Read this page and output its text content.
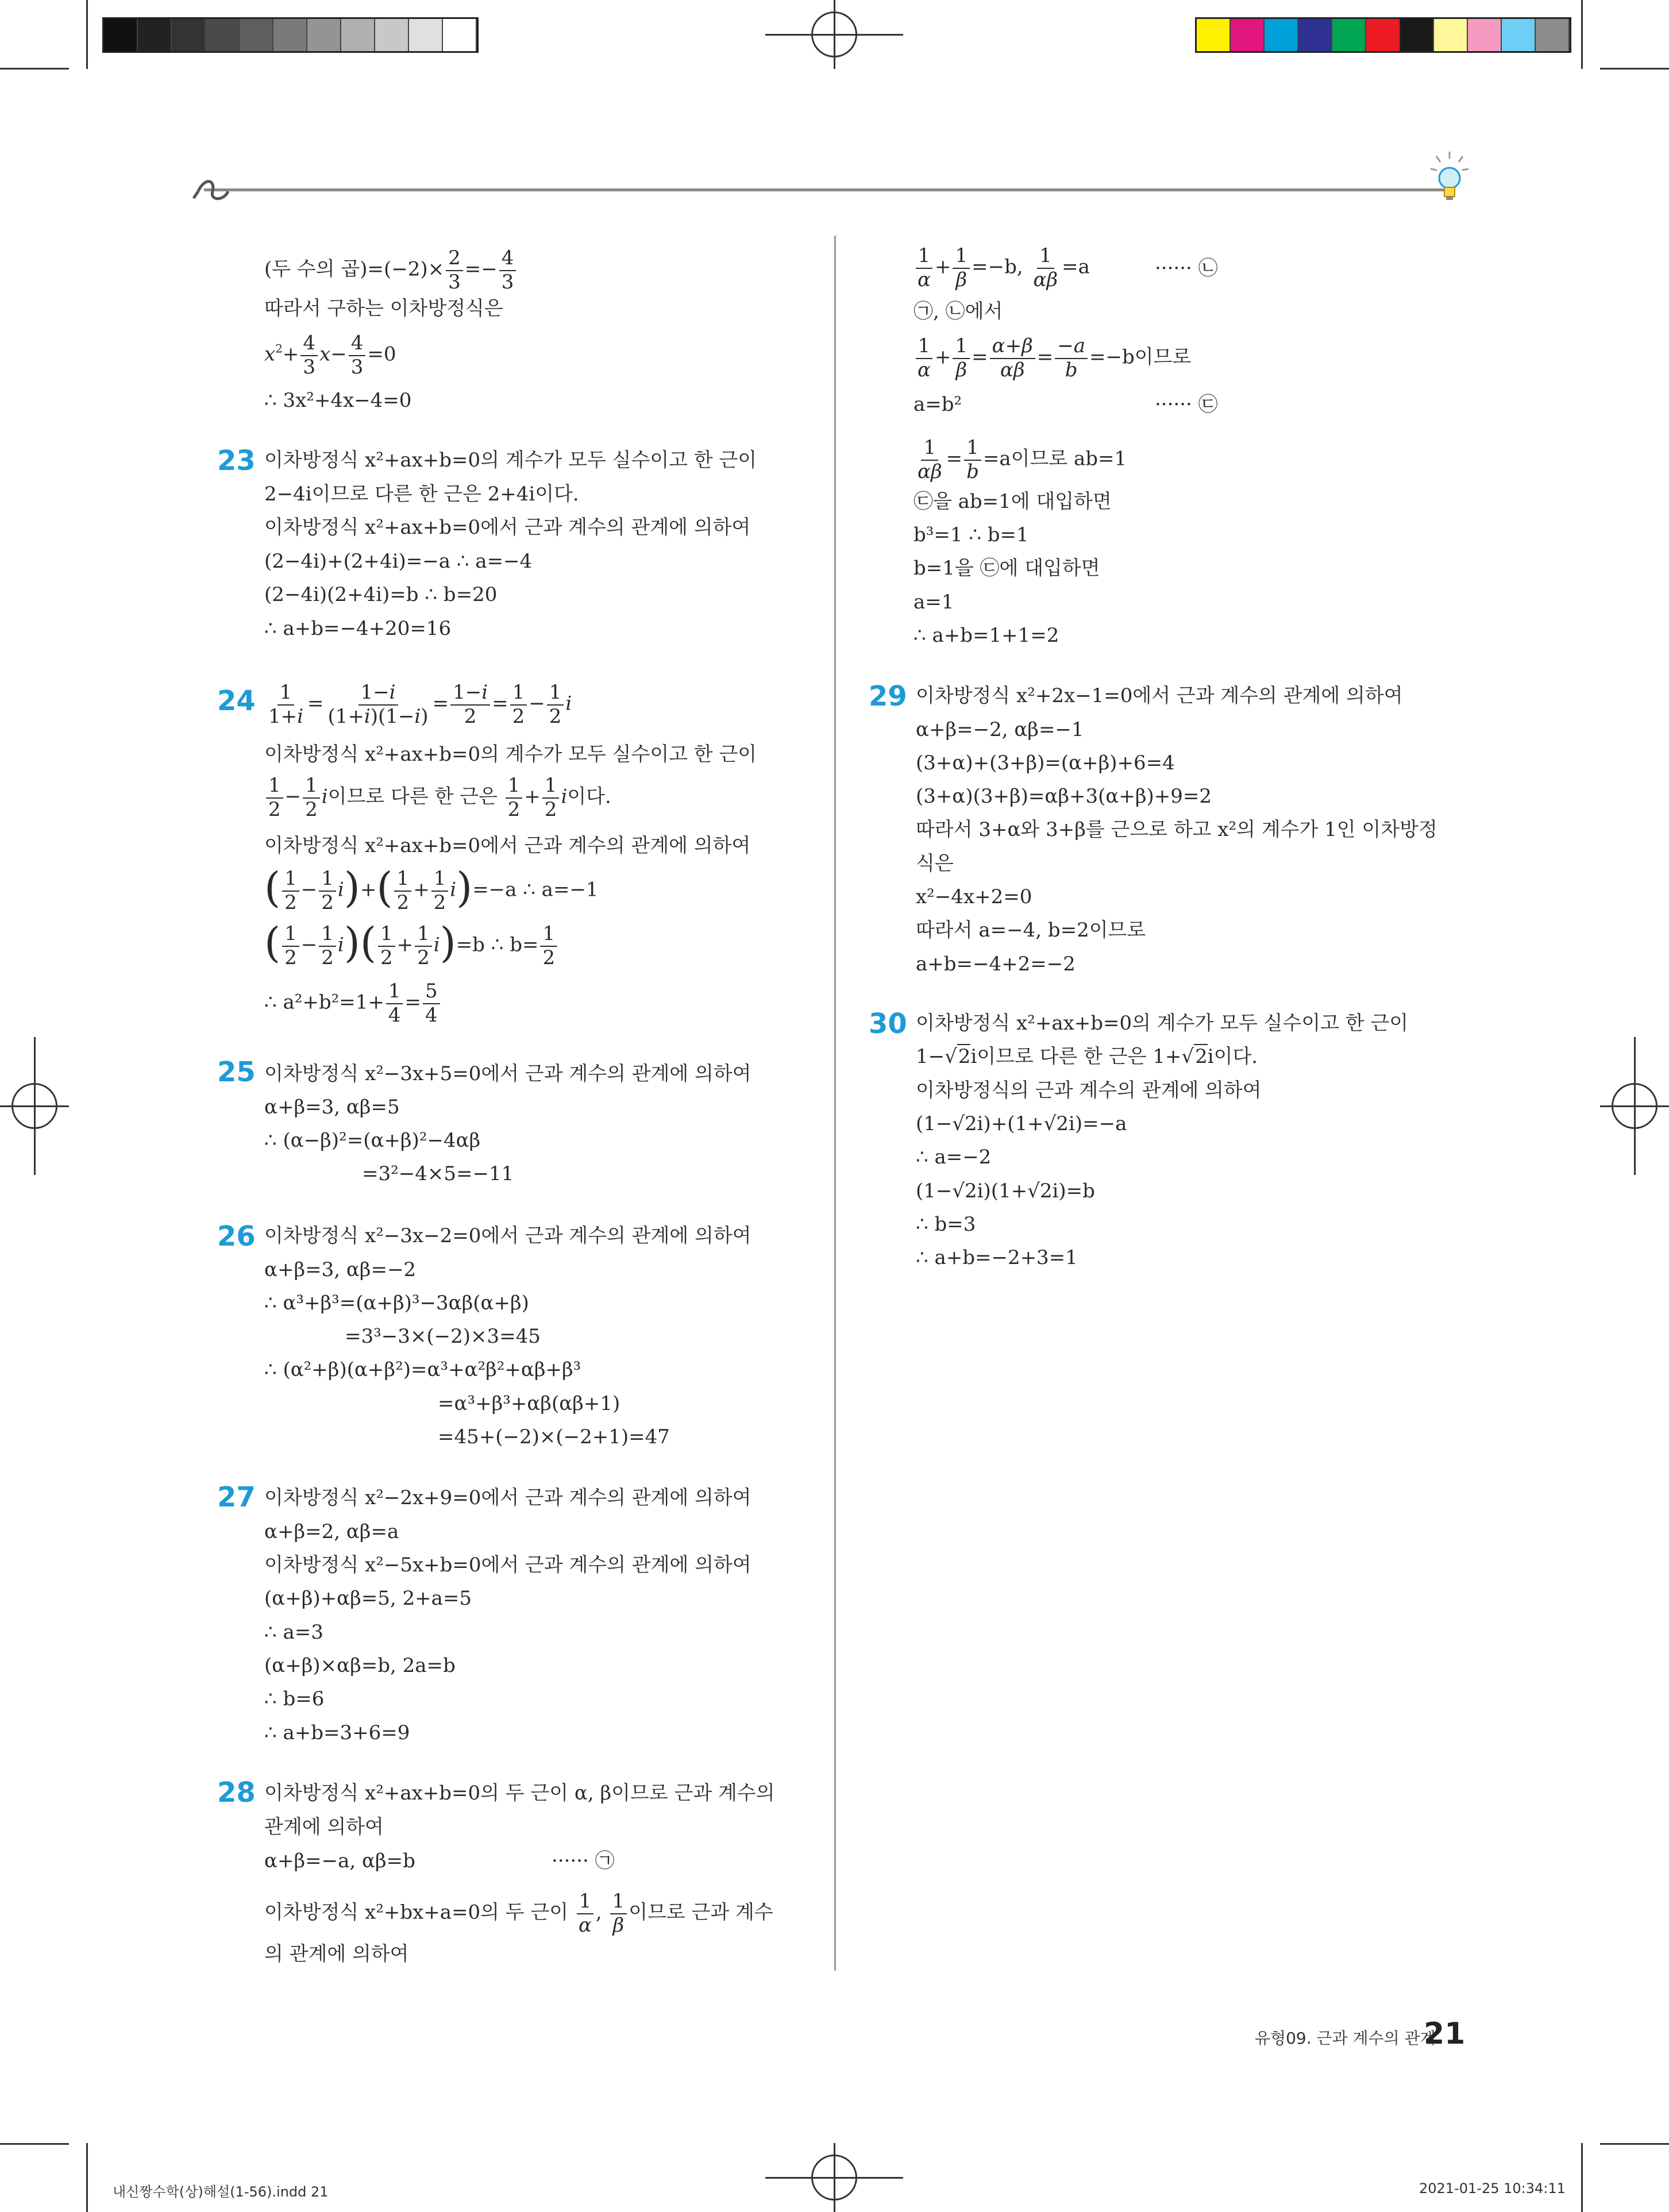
(두 수의 곱)$=(-2)\times \frac{2}{3} =- \frac{4}{3}$
따라서 구하는 이차방정식은
$x^2+ \frac{4}{3} x- \frac{4}{3} =0$
∴ 3x²+4x−4=0
23 이차방정식 x²+ax+b=0의 계수가 모두 실수이고 한 근이
2−4i이므로 다른 한 근은 2+4i이다.
이차방정식 x²+ax+b=0에서 근과 계수의 관계에 의하여
(2−4i)+(2+4i)=−a ∴ a=−4
(2−4i)(2+4i)=b ∴ b=20
∴ a+b=−4+20=16
$24 \frac{1}{1+i} = \frac{1-i}{(1+i)(1-i)} = \frac{1-i}{2} = \frac{1}{2} - \frac{1}{2}$ i
이차방정식 x²+ax+b=0의 계수가 모두 실수이고 한 근이
$\frac{1}{2} - \frac{1}{2}$ i이므로 다른 한 근은 $\frac{1}{2} + \frac{1}{2}$ i이다.
이차방정식 x²+ax+b=0에서 근과 계수의 관계에 의하여
( $\frac{1}{2} - \frac{1}{2} i)+( \frac{1}{2} + \frac{1}{2} i)=-a$ ∴ a=−1
( $\frac{1}{2} - \frac{1}{2} i)( \frac{1}{2} + \frac{1}{2} i)=b$ ∴ $b= \frac{1}{2}$
∴ $a^2+b^2=1+ \frac{1}{4} = \frac{5}{4}$
25 이차방정식 x²−3x+5=0에서 근과 계수의 관계에 의하여
α+β=3, αβ=5
∴ (α−β)²=(α+β)²−4αβ
=3²−4×5=−11
26 이차방정식 x²−3x−2=0에서 근과 계수의 관계에 의하여
α+β=3, αβ=−2
∴ α³+β³=(α+β)³−3αβ(α+β)
=3³−3×(−2)×3=45
∴ (α²+β)(α+β²)=α³+α²β²+αβ+β³
=α³+β³+αβ(αβ+1)
=45+(−2)×(−2+1)=47
27 이차방정식 x²−2x+9=0에서 근과 계수의 관계에 의하여
α+β=2, αβ=a
이차방정식 x²−5x+b=0에서 근과 계수의 관계에 의하여
(α+β)+αβ=5, 2+a=5
∴ a=3
(α+β)×αβ=b, 2a=b
∴ b=6
∴ a+b=3+6=9
28 이차방정식 x²+ax+b=0의 두 근이 α, β이므로 근과 계수의
관계에 의하여
α+β=−a, αβ=b	······ ㉠
이차방정식 x²+bx+a=0의 두 근이 $\frac{1}{\alpha}$ , $\frac{1}{\beta}$ 이므로 근과 계수
의 관계에 의하여
$\frac{1}{\alpha} + \frac{1}{\beta} =-b$, $\frac{1}{\alpha\beta} =a$	······ ㉡
㉠, ㉡에서
$\frac{1}{\alpha} + \frac{1}{\beta} = \frac{\alpha+\beta}{\alpha\beta} = \frac{-a}{b} =-b$이므로
a=b²	······ ㉢
$\frac{1}{\alpha\beta} = \frac{1}{b} =a$이므로 ab=1
㉢을 ab=1에 대입하면
b³=1 ∴ b=1
b=1을 ㉢에 대입하면
a=1
∴ a+b=1+1=2
29 이차방정식 x²+2x−1=0에서 근과 계수의 관계에 의하여
α+β=−2, αβ=−1
(3+α)+(3+β)=(α+β)+6=4
(3+α)(3+β)=αβ+3(α+β)+9=2
따라서 3+α와 3+β를 근으로 하고 x²의 계수가 1인 이차방정
식은
x²−4x+2=0
따라서 a=−4, b=2이므로
a+b=−4+2=−2
30 이차방정식 x²+ax+b=0의 계수가 모두 실수이고 한 근이
1−√2i이므로 다른 한 근은 1+√2i이다.
이차방정식의 근과 계수의 관계에 의하여
(1−√2i)+(1+√2i)=−a
∴ a=−2
(1−√2i)(1+√2i)=b
∴ b=3
∴ a+b=−2+3=1
유형09. 근과 계수의 관계
21
내신짱수학(상)해설(1-56).indd 21	2021-01-25 10:34:11
